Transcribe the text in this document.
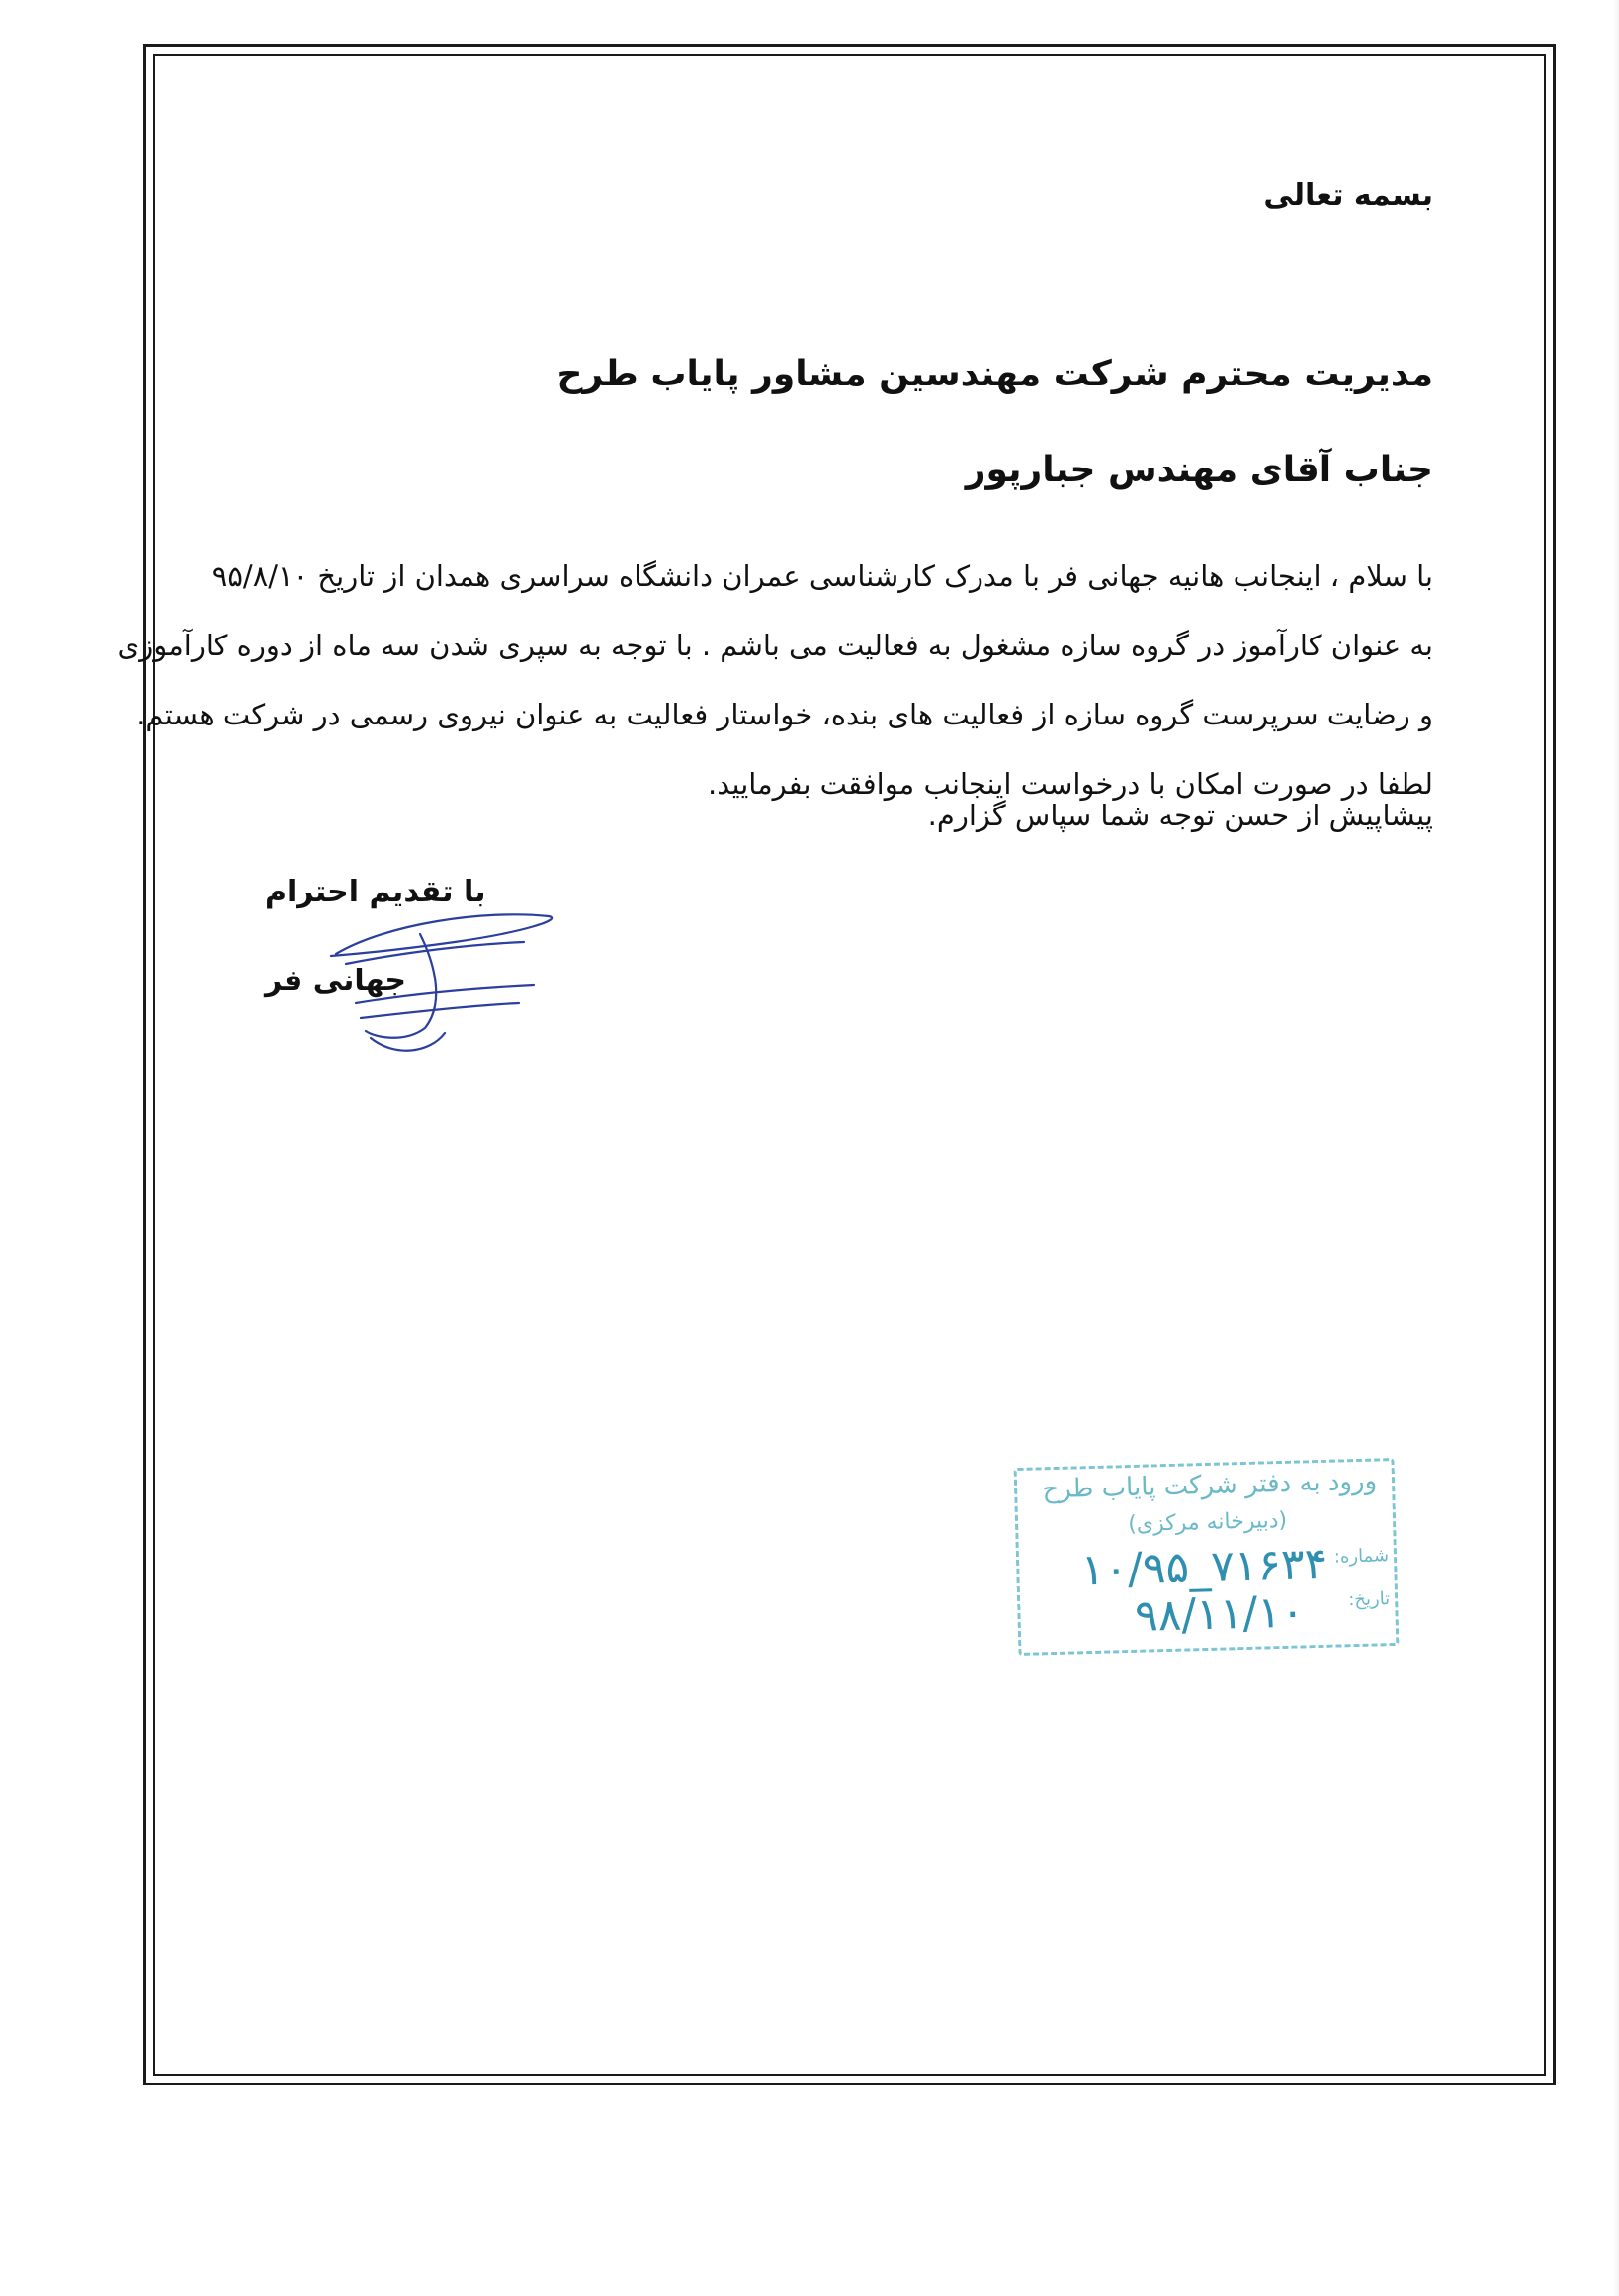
بسمه تعالی
مدیریت محترم شرکت مهندسین مشاور پایاب طرح
جناب آقای مهندس جبارپور
با سلام ، اینجانب هانیه جهانی فر با مدرک کارشناسی عمران دانشگاه سراسری همدان از تاریخ ۹۵/۸/۱۰
به عنوان کارآموز در گروه سازه مشغول به فعالیت می باشم . با توجه به سپری شدن سه ماه از دوره کارآموزی
و رضایت سرپرست گروه سازه از فعالیت های بنده، خواستار فعالیت به عنوان نیروی رسمی در شرکت هستم.
لطفا در صورت امکان با درخواست اینجانب موافقت بفرمایید.
پیشاپیش از حسن توجه شما سپاس گزارم.
با تقدیم احترام
جهانی فر
ورود به دفتر شرکت پایاب طرح
(دبیرخانه مرکزی)
شماره:
تاریخ:
۱۰/۹۵_۷۱۶۳۴
۹۸/۱۱/۱۰
